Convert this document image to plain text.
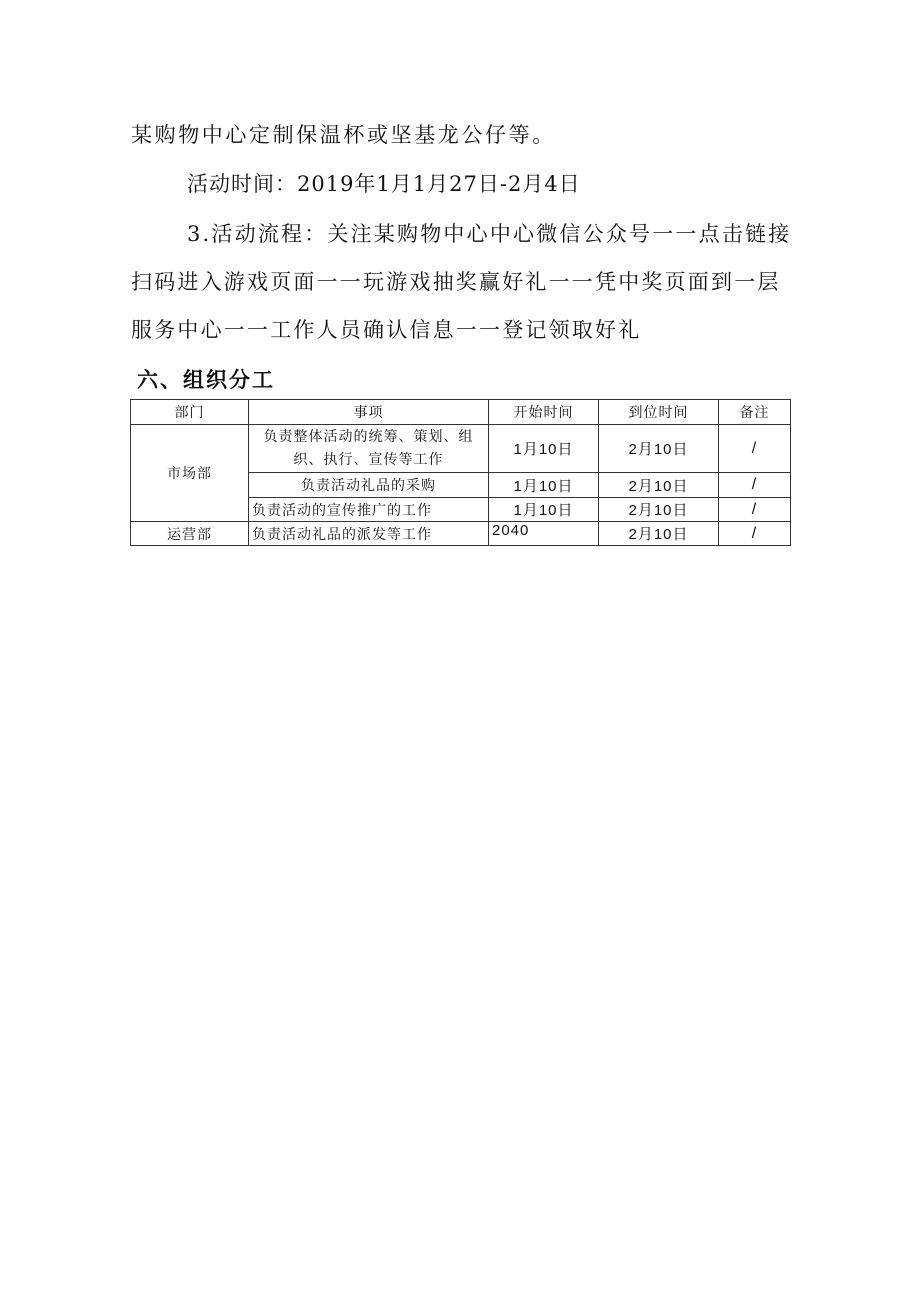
某购物中心定制保温杯或坚基龙公仔等。
活动时间：2019年1月1月27日-2月4日
3.活动流程：关注某购物中心中心微信公众号一一点击链接
扫码进入游戏页面一一玩游戏抽奖赢好礼一一凭中奖页面到一层
服务中心一一工作人员确认信息一一登记领取好礼
六、组织分工
部门	事项	开始时间	到位时间	备注
市场部	负责整体活动的统筹、策划、组织、执行、宣传等工作	1月10日	2月10日	/
	负责活动礼品的采购	1月10日	2月10日	/
	负责活动的宣传推广的工作	1月10日	2月10日	/
运营部	负责活动礼品的派发等工作	2040	2月10日	/
